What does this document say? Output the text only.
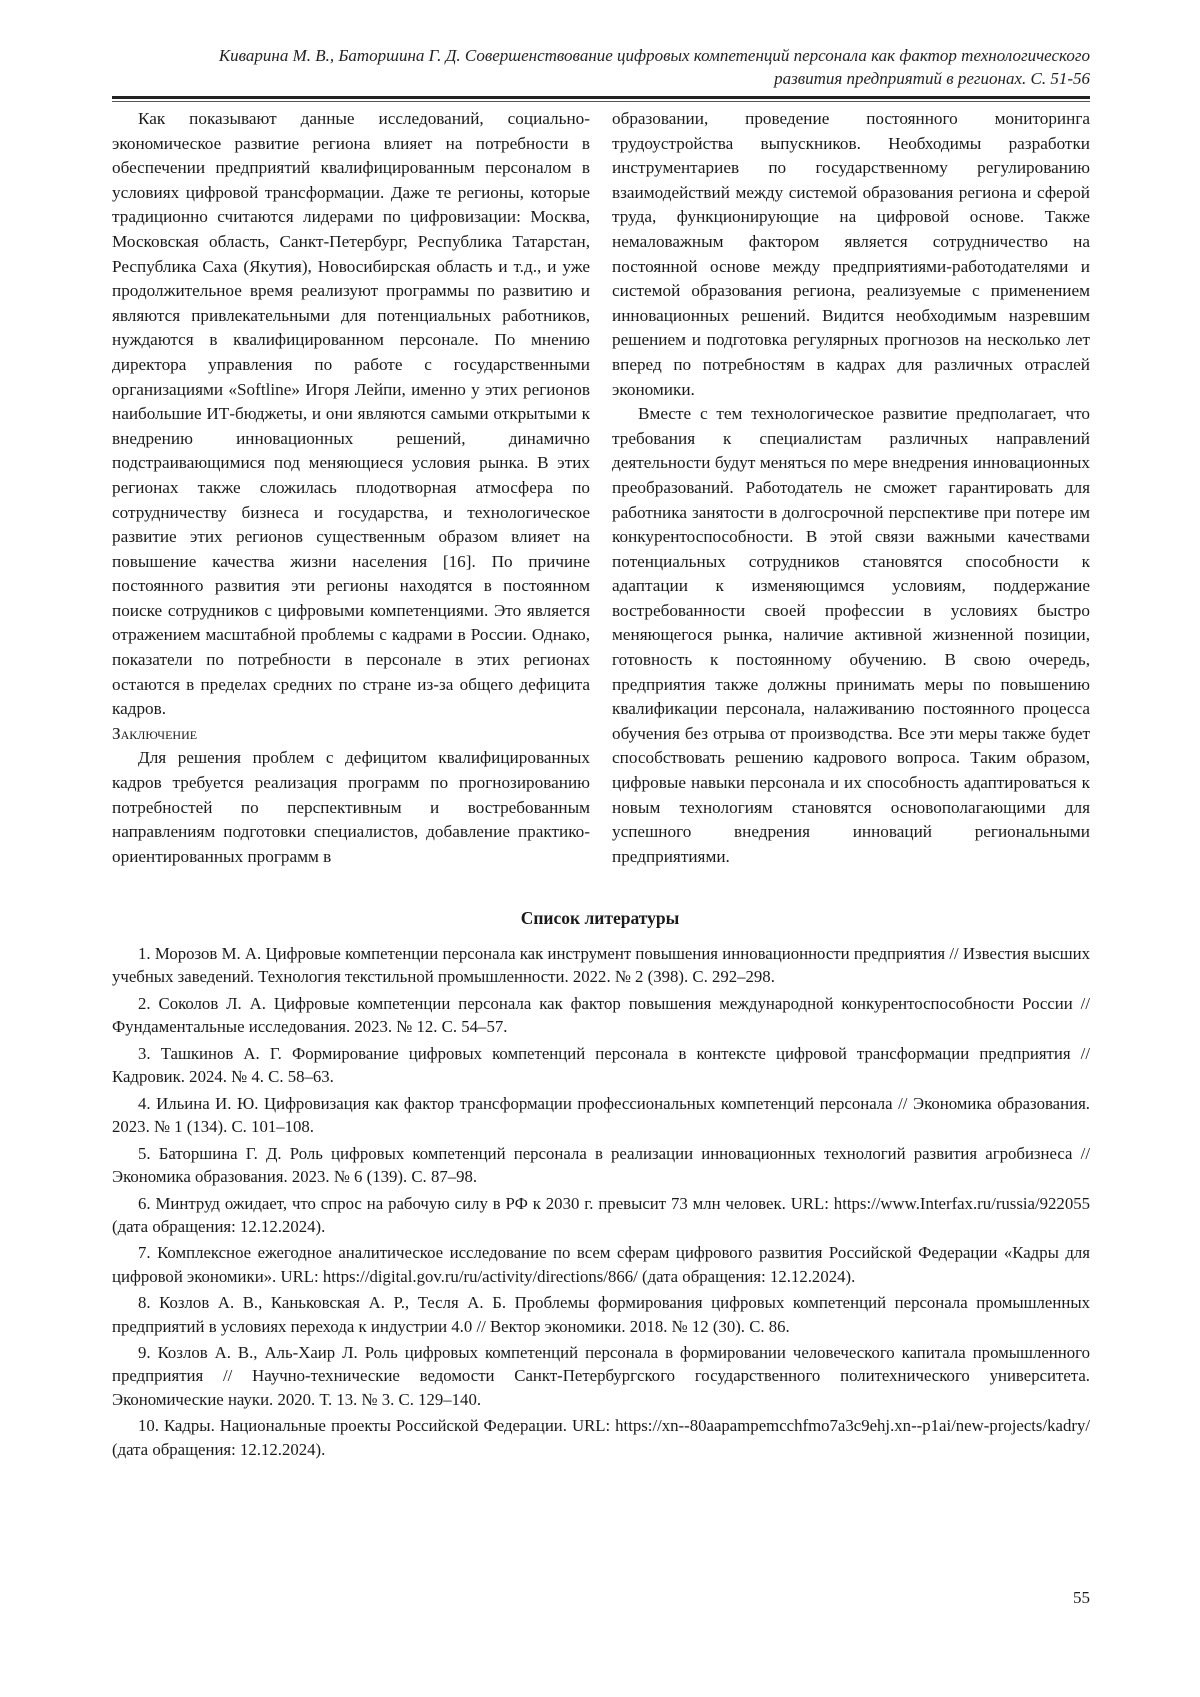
Киварина М. В., Баторшина Г. Д. Совершенствование цифровых компетенций персонала как фактор технологического
развития предприятий в регионах. С. 51-56

Как показывают данные исследований, социально-экономическое развитие региона влияет на потребности в обеспечении предприятий квалифицированным персоналом в условиях цифровой трансформации. Даже те регионы, которые традиционно считаются лидерами по цифровизации: Москва, Московская область, Санкт-Петербург, Республика Татарстан, Республика Саха (Якутия), Новосибирская область и т.д., и уже продолжительное время реализуют программы по развитию и являются привлекательными для потенциальных работников, нуждаются в квалифицированном персонале. По мнению директора управления по работе с государственными организациями «Softline» Игоря Лейпи, именно у этих регионов наибольшие ИТ-бюджеты, и они являются самыми открытыми к внедрению инновационных решений, динамично подстраивающимися под меняющиеся условия рынка. В этих регионах также сложилась плодотворная атмосфера по сотрудничеству бизнеса и государства, и технологическое развитие этих регионов существенным образом влияет на повышение качества жизни населения [16]. По причине постоянного развития эти регионы находятся в постоянном поиске сотрудников с цифровыми компетенциями. Это является отражением масштабной проблемы с кадрами в России. Однако, показатели по потребности в персонале в этих регионах остаются в пределах средних по стране из-за общего дефицита кадров.

Заключение

Для решения проблем с дефицитом квалифицированных кадров требуется реализация программ по прогнозированию потребностей по перспективным и востребованным направлениям подготовки специалистов, добавление практико-ориентированных программ в

образовании, проведение постоянного мониторинга трудоустройства выпускников. Необходимы разработки инструментариев по государственному регулированию взаимодействий между системой образования региона и сферой труда, функционирующие на цифровой основе. Также немаловажным фактором является сотрудничество на постоянной основе между предприятиями-работодателями и системой образования региона, реализуемые с применением инновационных решений. Видится необходимым назревшим решением и подготовка регулярных прогнозов на несколько лет вперед по потребностям в кадрах для различных отраслей экономики.

Вместе с тем технологическое развитие предполагает, что требования к специалистам различных направлений деятельности будут меняться по мере внедрения инновационных преобразований. Работодатель не сможет гарантировать для работника занятости в долгосрочной перспективе при потере им конкурентоспособности. В этой связи важными качествами потенциальных сотрудников становятся способности к адаптации к изменяющимся условиям, поддержание востребованности своей профессии в условиях быстро меняющегося рынка, наличие активной жизненной позиции, готовность к постоянному обучению. В свою очередь, предприятия также должны принимать меры по повышению квалификации персонала, налаживанию постоянного процесса обучения без отрыва от производства. Все эти меры также будет способствовать решению кадрового вопроса. Таким образом, цифровые навыки персонала и их способность адаптироваться к новым технологиям становятся основополагающими для успешного внедрения инноваций региональными предприятиями.

Список литературы

1. Морозов М. А. Цифровые компетенции персонала как инструмент повышения инновационности предприятия // Известия высших учебных заведений. Технология текстильной промышленности. 2022. № 2 (398). С. 292–298.

2. Соколов Л. А. Цифровые компетенции персонала как фактор повышения международной конкурентоспособности России // Фундаментальные исследования. 2023. № 12. С. 54–57.

3. Ташкинов А. Г. Формирование цифровых компетенций персонала в контексте цифровой трансформации предприятия // Кадровик. 2024. № 4. С. 58–63.

4. Ильина И. Ю. Цифровизация как фактор трансформации профессиональных компетенций персонала // Экономика образования. 2023. № 1 (134). С. 101–108.

5. Баторшина Г. Д. Роль цифровых компетенций персонала в реализации инновационных технологий развития агробизнеса // Экономика образования. 2023. № 6 (139). С. 87–98.

6. Минтруд ожидает, что спрос на рабочую силу в РФ к 2030 г. превысит 73 млн человек. URL: https://www.Interfax.ru/russia/922055 (дата обращения: 12.12.2024).

7. Комплексное ежегодное аналитическое исследование по всем сферам цифрового развития Российской Федерации «Кадры для цифровой экономики». URL: https://digital.gov.ru/ru/activity/directions/866/ (дата обращения: 12.12.2024).

8. Козлов А. В., Каньковская А. Р., Тесля А. Б. Проблемы формирования цифровых компетенций персонала промышленных предприятий в условиях перехода к индустрии 4.0 // Вектор экономики. 2018. № 12 (30). С. 86.

9. Козлов А. В., Аль-Хаир Л. Роль цифровых компетенций персонала в формировании человеческого капитала промышленного предприятия // Научно-технические ведомости Санкт-Петербургского государственного политехнического университета. Экономические науки. 2020. Т. 13. № 3. С. 129–140.

10. Кадры. Национальные проекты Российской Федерации. URL: https://xn--80aapampemcchfmo7a3c9ehj.xn--p1ai/new-projects/kadry/ (дата обращения: 12.12.2024).

55
